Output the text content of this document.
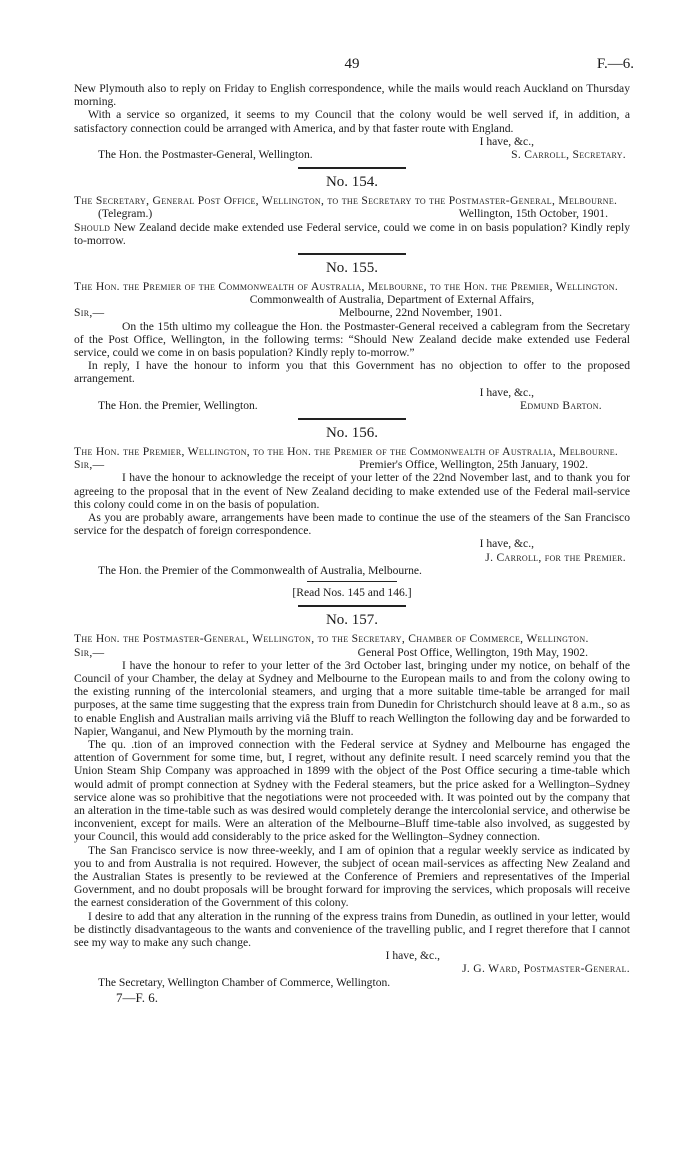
49	F.—6.

New Plymouth also to reply on Friday to English correspondence, while the mails would reach Auckland on Thursday morning.

With a service so organized, it seems to my Council that the colony would be well served if, in addition, a satisfactory connection could be arranged with America, and by that faster route with England.

I have, &c.,
The Hon. the Postmaster-General, Wellington.	S. Carroll, Secretary.
No. 154.

The Secretary, General Post Office, Wellington, to the Secretary to the Postmaster-General, Melbourne.

(Telegram.)	Wellington, 15th October, 1901.

Should New Zealand decide make extended use Federal service, could we come in on basis population? Kindly reply to-morrow.

No. 155.

The Hon. the Premier of the Commonwealth of Australia, Melbourne, to the Hon. the Premier, Wellington.

Commonwealth of Australia, Department of External Affairs,
Sir,—	Melbourne, 22nd November, 1901.

On the 15th ultimo my colleague the Hon. the Postmaster-General received a cablegram from the Secretary of the Post Office, Wellington, in the following terms: “Should New Zealand decide make extended use Federal service, could we come in on basis population? Kindly reply to-morrow.”

In reply, I have the honour to inform you that this Government has no objection to offer to the proposed arrangement.

I have, &c.,
The Hon. the Premier, Wellington.	Edmund Barton.
No. 156.

The Hon. the Premier, Wellington, to the Hon. the Premier of the Commonwealth of Australia, Melbourne.

Sir,—	Premier's Office, Wellington, 25th January, 1902.

I have the honour to acknowledge the receipt of your letter of the 22nd November last, and to thank you for agreeing to the proposal that in the event of New Zealand deciding to make extended use of the Federal mail-service this colony could come in on the basis of population.

As you are probably aware, arrangements have been made to continue the use of the steamers of the San Francisco service for the despatch of foreign correspondence.

I have, &c.,
J. Carroll, for the Premier.
The Hon. the Premier of the Commonwealth of Australia, Melbourne.
[Read Nos. 145 and 146.]
No. 157.

The Hon. the Postmaster-General, Wellington, to the Secretary, Chamber of Commerce, Wellington.

Sir,—	General Post Office, Wellington, 19th May, 1902.

I have the honour to refer to your letter of the 3rd October last, bringing under my notice, on behalf of the Council of your Chamber, the delay at Sydney and Melbourne to the European mails to and from the colony owing to the existing running of the intercolonial steamers, and urging that a more suitable time-table be arranged for mail purposes, at the same time suggesting that the express train from Dunedin for Christchurch should leave at 8 a.m., so as to enable English and Australian mails arriving viâ the Bluff to reach Wellington the following day and be forwarded to Napier, Wanganui, and New Plymouth by the morning train.

The qu. .tion of an improved connection with the Federal service at Sydney and Melbourne has engaged the attention of Government for some time, but, I regret, without any definite result. I need scarcely remind you that the Union Steam Ship Company was approached in 1899 with the object of the Post Office securing a time-table which would admit of prompt connection at Sydney with the Federal steamers, but the price asked for a Wellington–Sydney service alone was so prohibitive that the negotiations were not proceeded with. It was pointed out by the company that an alteration in the time-table such as was desired would completely derange the intercolonial service, and otherwise be inconvenient, except for mails. Were an alteration of the Melbourne–Bluff time-table also involved, as suggested by your Council, this would add considerably to the price asked for the Wellington–Sydney connection.

The San Francisco service is now three-weekly, and I am of opinion that a regular weekly service as indicated by you to and from Australia is not required. However, the subject of ocean mail-services as affecting New Zealand and the Australian States is presently to be reviewed at the Conference of Premiers and representatives of the Imperial Government, and no doubt proposals will be brought forward for improving the services, which proposals will receive the earnest consideration of the Government of this colony.

I desire to add that any alteration in the running of the express trains from Dunedin, as outlined in your letter, would be distinctly disadvantageous to the wants and convenience of the travelling public, and I regret therefore that I cannot see my way to make any such change.

I have, &c.,
J. G. Ward, Postmaster-General.
The Secretary, Wellington Chamber of Commerce, Wellington.
7—F. 6.
